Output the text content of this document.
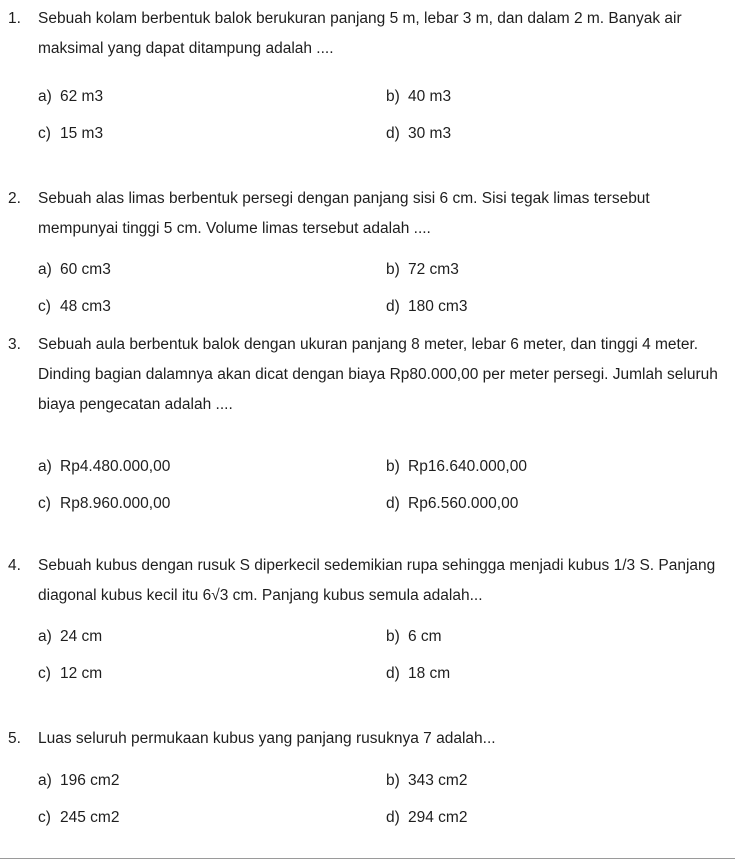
1. Sebuah kolam berbentuk balok berukuran panjang 5 m, lebar 3 m, dan dalam 2 m. Banyak air
maksimal yang dapat ditampung adalah ....

a) 62 m3	b) 40 m3
c) 15 m3	d) 30 m3

2. Sebuah alas limas berbentuk persegi dengan panjang sisi 6 cm. Sisi tegak limas tersebut
mempunyai tinggi 5 cm. Volume limas tersebut adalah ....

a) 60 cm3	b) 72 cm3
c) 48 cm3	d) 180 cm3

3. Sebuah aula berbentuk balok dengan ukuran panjang 8 meter, lebar 6 meter, dan tinggi 4 meter.
Dinding bagian dalamnya akan dicat dengan biaya Rp80.000,00 per meter persegi. Jumlah seluruh
biaya pengecatan adalah ....

a) Rp4.480.000,00	b) Rp16.640.000,00
c) Rp8.960.000,00	d) Rp6.560.000,00

4. Sebuah kubus dengan rusuk S diperkecil sedemikian rupa sehingga menjadi kubus 1/3 S. Panjang
diagonal kubus kecil itu 6√3 cm. Panjang kubus semula adalah...

a) 24 cm	b) 6 cm
c) 12 cm	d) 18 cm

5. Luas seluruh permukaan kubus yang panjang rusuknya 7 adalah...

a) 196 cm2	b) 343 cm2
c) 245 cm2	d) 294 cm2
